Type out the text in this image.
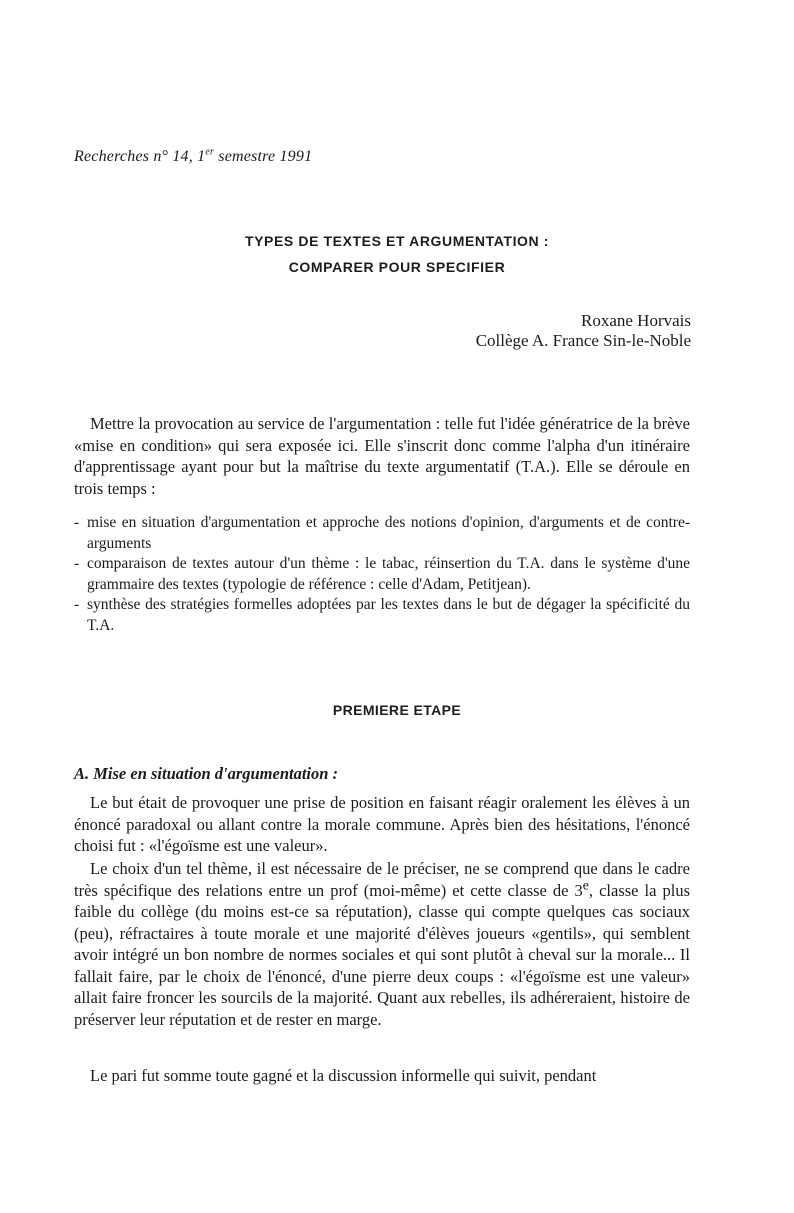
Recherches n° 14, 1er semestre 1991
TYPES DE TEXTES ET ARGUMENTATION :
COMPARER POUR SPECIFIER
Roxane Horvais
Collège A. France Sin-le-Noble

Mettre la provocation au service de l'argumentation : telle fut l'idée génératrice de la brève «mise en condition» qui sera exposée ici. Elle s'inscrit donc comme l'alpha d'un itinéraire d'apprentissage ayant pour but la maîtrise du texte argumentatif (T.A.). Elle se déroule en trois temps :

- mise en situation d'argumentation et approche des notions d'opinion, d'arguments et de contre-arguments
- comparaison de textes autour d'un thème : le tabac, réinsertion du T.A. dans le système d'une grammaire des textes (typologie de référence : celle d'Adam, Petitjean).
- synthèse des stratégies formelles adoptées par les textes dans le but de dégager la spécificité du T.A.
PREMIERE ETAPE
A. Mise en situation d'argumentation :

Le but était de provoquer une prise de position en faisant réagir oralement les élèves à un énoncé paradoxal ou allant contre la morale commune. Après bien des hésitations, l'énoncé choisi fut : «l'égoïsme est une valeur».

Le choix d'un tel thème, il est nécessaire de le préciser, ne se comprend que dans le cadre très spécifique des relations entre un prof (moi-même) et cette classe de 3e, classe la plus faible du collège (du moins est-ce sa réputation), classe qui compte quelques cas sociaux (peu), réfractaires à toute morale et une majorité d'élèves joueurs «gentils», qui semblent avoir intégré un bon nombre de normes sociales et qui sont plutôt à cheval sur la morale... Il fallait faire, par le choix de l'énoncé, d'une pierre deux coups : «l'égoïsme est une valeur» allait faire froncer les sourcils de la majorité. Quant aux rebelles, ils adhéreraient, histoire de préserver leur réputation et de rester en marge.

Le pari fut somme toute gagné et la discussion informelle qui suivit, pendant
